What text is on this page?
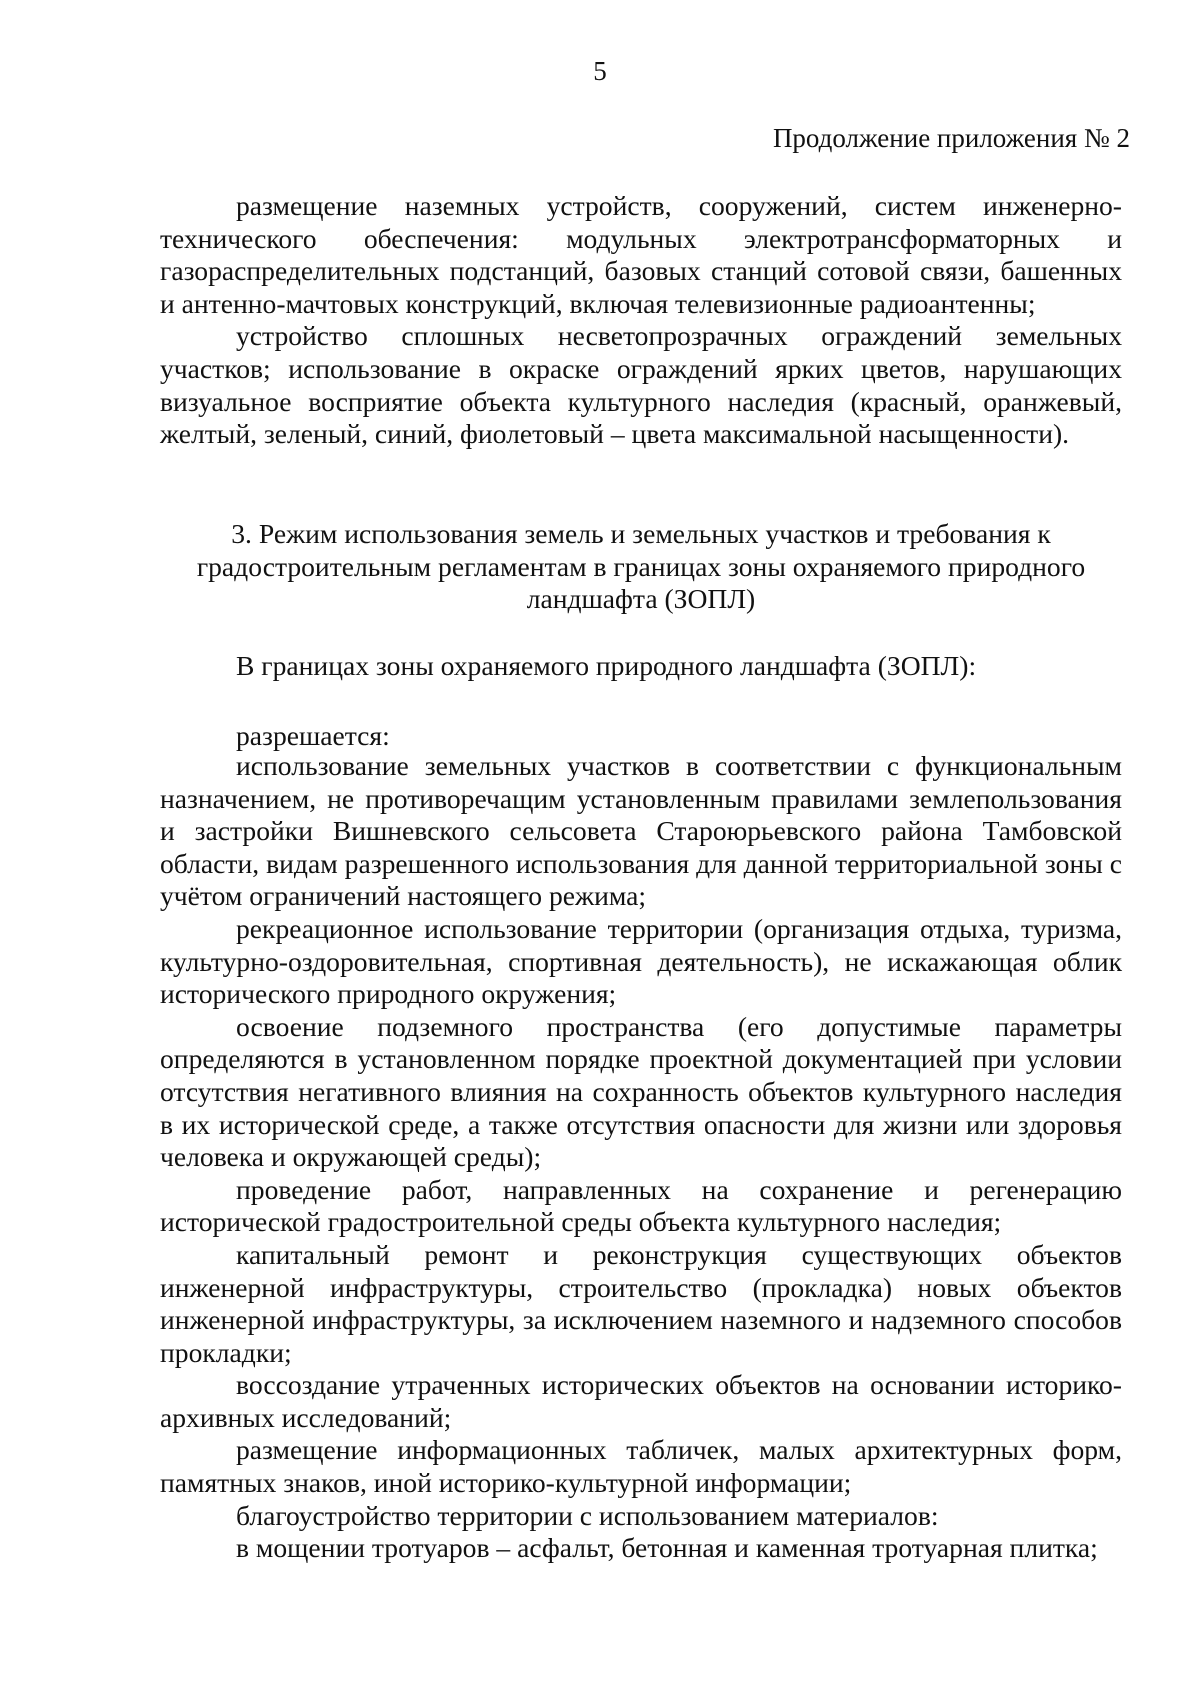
5
Продолжение приложения № 2

размещение наземных устройств, сооружений, систем инженерно-технического обеспечения: модульных электротрансформаторных и газораспределительных подстанций, базовых станций сотовой связи, башенных и антенно-мачтовых конструкций, включая телевизионные радиоантенны;

устройство сплошных несветопрозрачных ограждений земельных участков; использование в окраске ограждений ярких цветов, нарушающих визуальное восприятие объекта культурного наследия (красный, оранжевый, желтый, зеленый, синий, фиолетовый – цвета максимальной насыщенности).

3. Режим использования земель и земельных участков и требования к градостроительным регламентам в границах зоны охраняемого природного ландшафта (ЗОПЛ)

В границах зоны охраняемого природного ландшафта (ЗОПЛ):

разрешается:

использование земельных участков в соответствии с функциональным назначением, не противоречащим установленным правилами землепользования и застройки Вишневского сельсовета Староюрьевского района Тамбовской области, видам разрешенного использования для данной территориальной зоны с учётом ограничений настоящего режима;

рекреационное использование территории (организация отдыха, туризма, культурно-оздоровительная, спортивная деятельность), не искажающая облик исторического природного окружения;

освоение подземного пространства (его допустимые параметры определяются в установленном порядке проектной документацией при условии отсутствия негативного влияния на сохранность объектов культурного наследия в их исторической среде, а также отсутствия опасности для жизни или здоровья человека и окружающей среды);

проведение работ, направленных на сохранение и регенерацию исторической градостроительной среды объекта культурного наследия;

капитальный ремонт и реконструкция существующих объектов инженерной инфраструктуры, строительство (прокладка) новых объектов инженерной инфраструктуры, за исключением наземного и надземного способов прокладки;

воссоздание утраченных исторических объектов на основании историко-архивных исследований;

размещение информационных табличек, малых архитектурных форм, памятных знаков, иной историко-культурной информации;

благоустройство территории с использованием материалов:

в мощении тротуаров – асфальт, бетонная и каменная тротуарная плитка;
